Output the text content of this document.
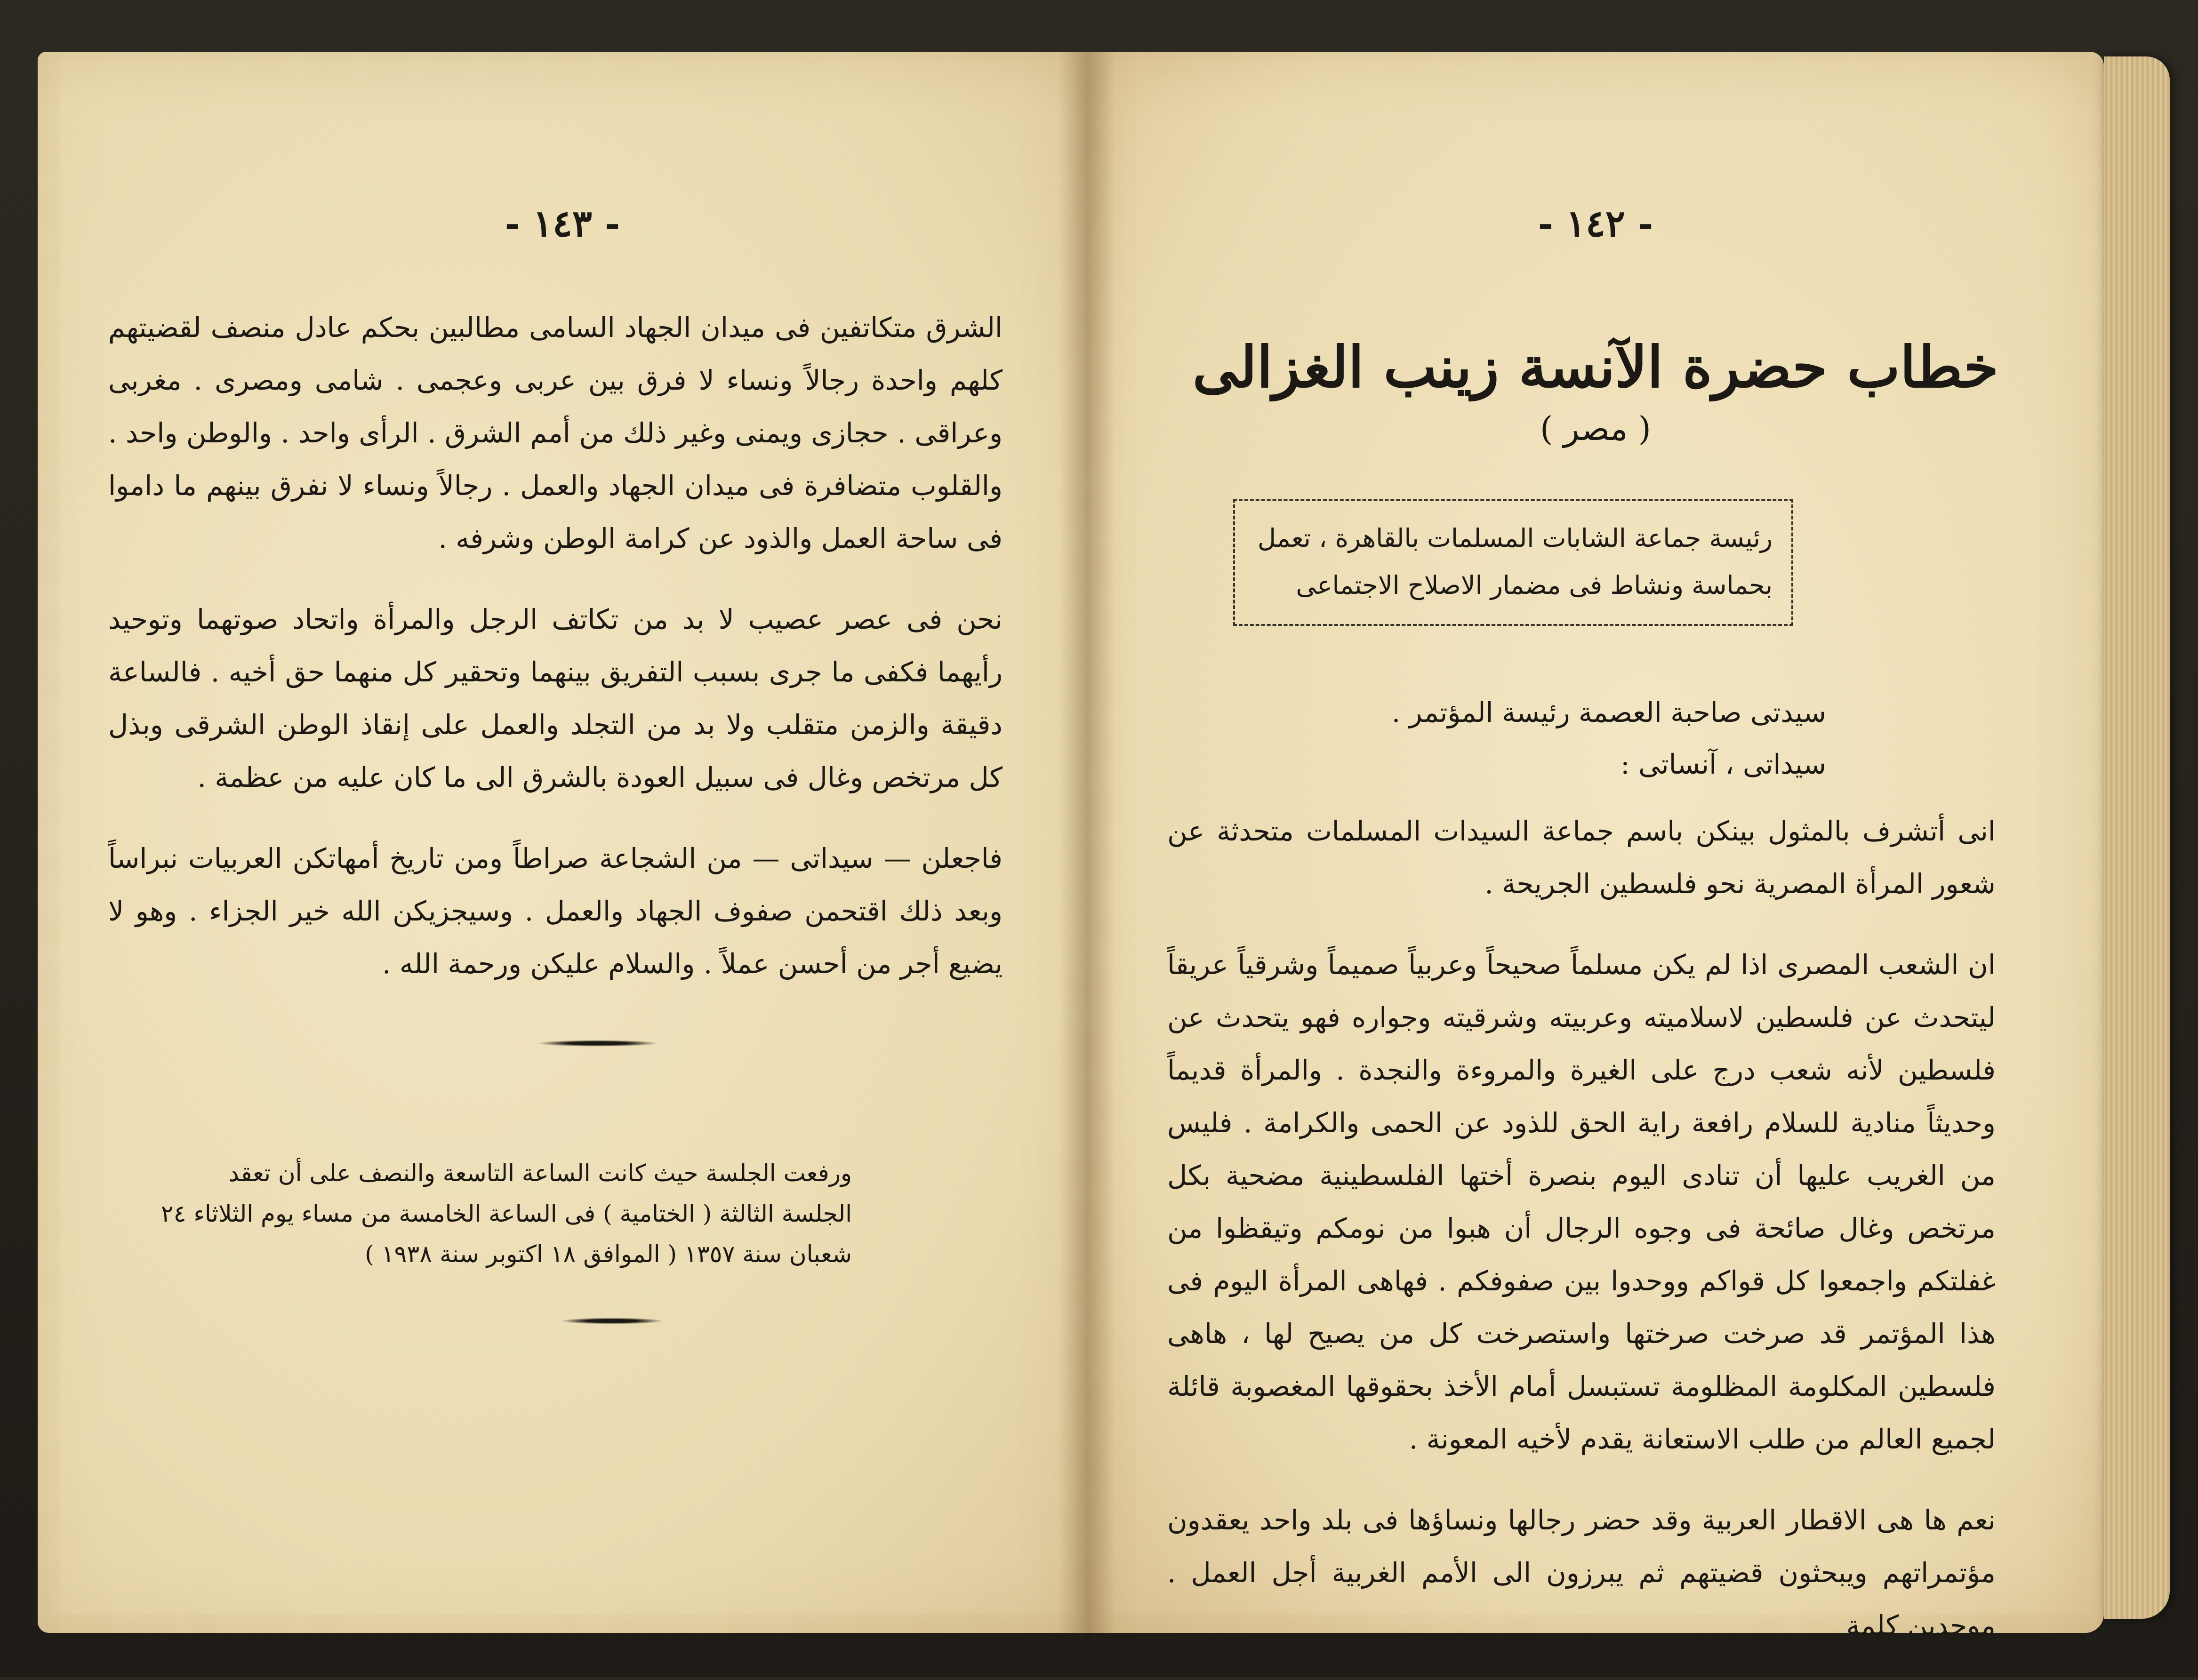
- ١٤٣ -

الشرق متكاتفين فى ميدان الجهاد السامى مطالبين بحكم عادل منصف لقضيتهم كلهم واحدة رجالاً ونساء لا فرق بين عربى وعجمى . شامى ومصرى . مغربى وعراقى . حجازى ويمنى وغير ذلك من أمم الشرق . الرأى واحد . والوطن واحد . والقلوب متضافرة فى ميدان الجهاد والعمل . رجالاً ونساء لا نفرق بينهم ما داموا فى ساحة العمل والذود عن كرامة الوطن وشرفه .

نحن فى عصر عصيب لا بد من تكاتف الرجل والمرأة واتحاد صوتهما وتوحيد رأيهما فكفى ما جرى بسبب التفريق بينهما وتحقير كل منهما حق أخيه . فالساعة دقيقة والزمن متقلب ولا بد من التجلد والعمل على إنقاذ الوطن الشرقى وبذل كل مرتخص وغال فى سبيل العودة بالشرق الى ما كان عليه من عظمة .

فاجعلن — سيداتى — من الشجاعة صراطاً ومن تاريخ أمهاتكن العربيات نبراساً وبعد ذلك اقتحمن صفوف الجهاد والعمل . وسيجزيكن الله خير الجزاء . وهو لا يضيع أجر من أحسن عملاً . والسلام عليكن ورحمة الله .

ورفعت الجلسة حيث كانت الساعة التاسعة والنصف على أن تعقد الجلسة الثالثة ( الختامية ) فى الساعة الخامسة من مساء يوم الثلاثاء ٢٤ شعبان سنة ١٣٥٧ ( الموافق ١٨ اكتوبر سنة ١٩٣٨ )
- ١٤٢ -
خطاب حضرة الآنسة زينب الغزالى
( مصر )
رئيسة جماعة الشابات المسلمات بالقاهرة ، تعمل بحماسة ونشاط فى مضمار الاصلاح الاجتماعى
سيدتى صاحبة العصمة رئيسة المؤتمر .
سيداتى ، آنساتى :

انى أتشرف بالمثول بينكن باسم جماعة السيدات المسلمات متحدثة عن شعور المرأة المصرية نحو فلسطين الجريحة .

ان الشعب المصرى اذا لم يكن مسلماً صحيحاً وعربياً صميماً وشرقياً عريقاً ليتحدث عن فلسطين لاسلاميته وعربيته وشرقيته وجواره فهو يتحدث عن فلسطين لأنه شعب درج على الغيرة والمروءة والنجدة . والمرأة قديماً وحديثاً منادية للسلام رافعة راية الحق للذود عن الحمى والكرامة . فليس من الغريب عليها أن تنادى اليوم بنصرة أختها الفلسطينية مضحية بكل مرتخص وغال صائحة فى وجوه الرجال أن هبوا من نومكم وتيقظوا من غفلتكم واجمعوا كل قواكم ووحدوا بين صفوفكم . فهاهى المرأة اليوم فى هذا المؤتمر قد صرخت صرختها واستصرخت كل من يصيح لها ، هاهى فلسطين المكلومة المظلومة تستبسل أمام الأخذ بحقوقها المغصوبة قائلة لجميع العالم من طلب الاستعانة يقدم لأخيه المعونة .

نعم ها هى الاقطار العربية وقد حضر رجالها ونساؤها فى بلد واحد يعقدون مؤتمراتهم ويبحثون قضيتهم ثم يبرزون الى الأمم الغربية أجل العمل . موحدين كلمة
